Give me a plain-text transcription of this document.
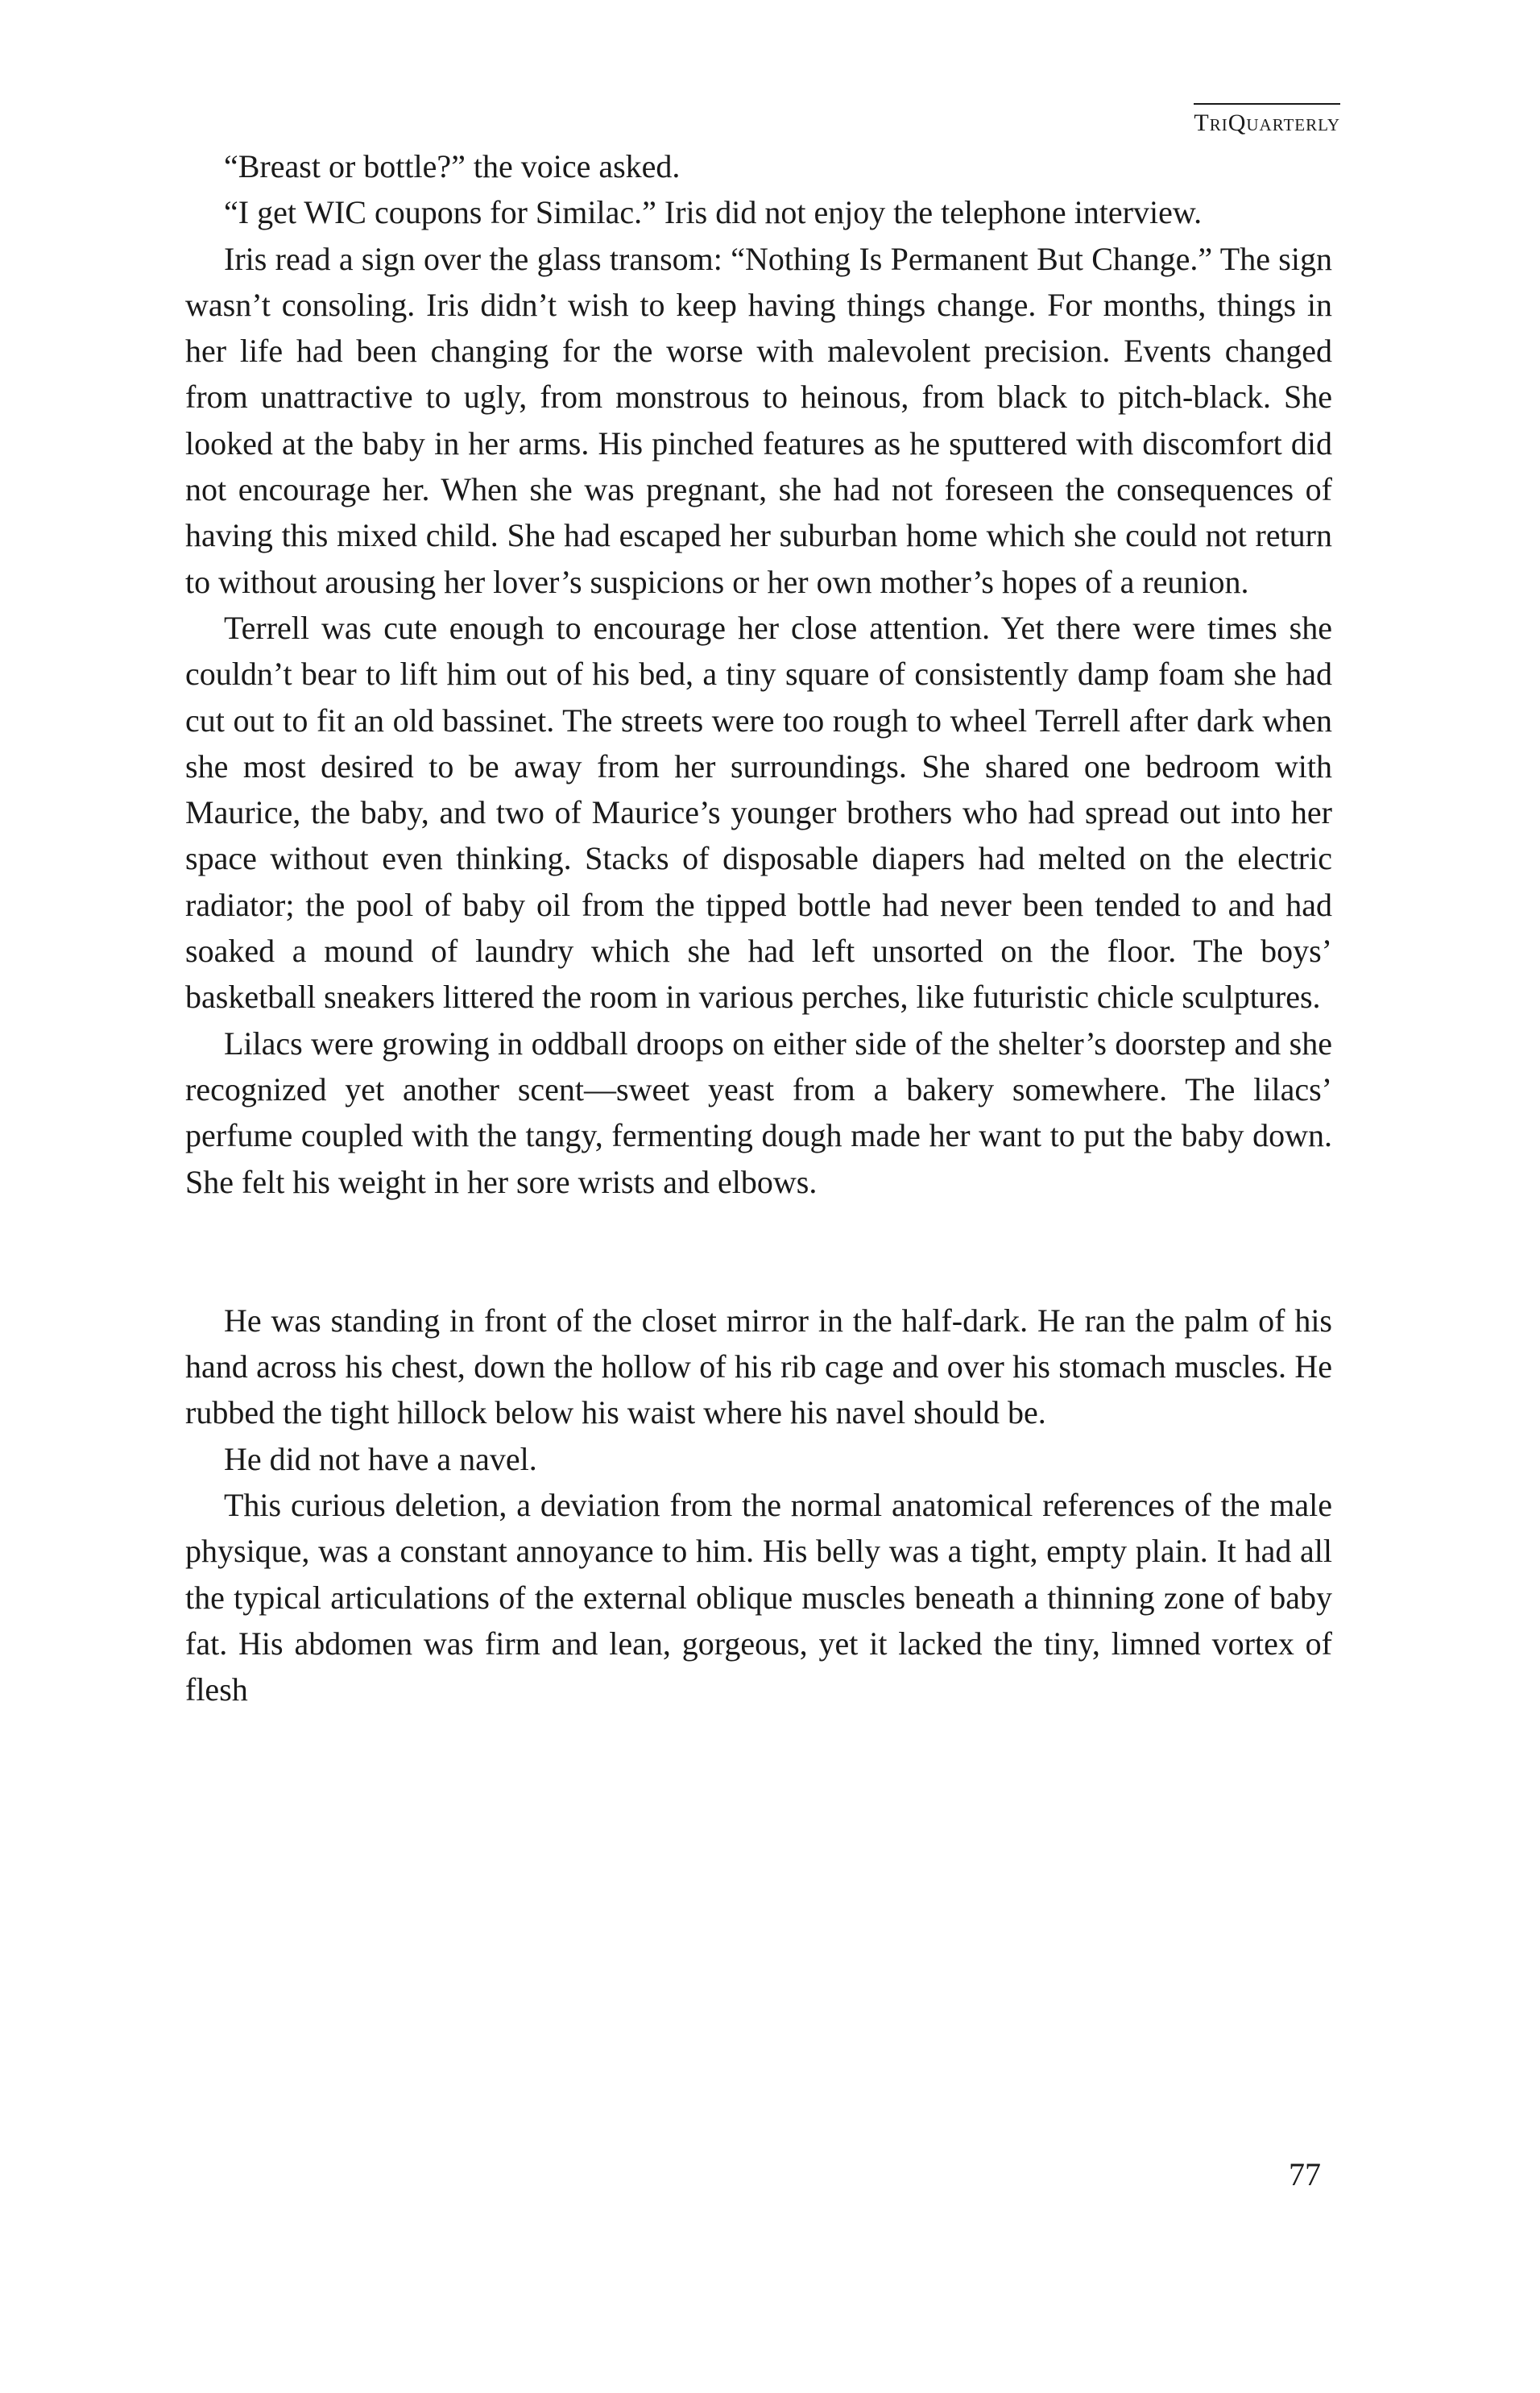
TriQuarterly

“Breast or bottle?” the voice asked.

“I get WIC coupons for Similac.” Iris did not enjoy the telephone interview.

Iris read a sign over the glass transom: “Nothing Is Permanent But Change.” The sign wasn’t consoling. Iris didn’t wish to keep having things change. For months, things in her life had been changing for the worse with malevolent precision. Events changed from unattractive to ugly, from monstrous to heinous, from black to pitch-black. She looked at the baby in her arms. His pinched features as he sputtered with discomfort did not encourage her. When she was pregnant, she had not foreseen the consequences of having this mixed child. She had escaped her suburban home which she could not return to without arousing her lover’s suspicions or her own mother’s hopes of a reunion.

Terrell was cute enough to encourage her close attention. Yet there were times she couldn’t bear to lift him out of his bed, a tiny square of consistently damp foam she had cut out to fit an old bassinet. The streets were too rough to wheel Terrell after dark when she most desired to be away from her surroundings. She shared one bedroom with Maurice, the baby, and two of Maurice’s younger brothers who had spread out into her space without even thinking. Stacks of disposable diapers had melted on the electric radiator; the pool of baby oil from the tipped bottle had never been tended to and had soaked a mound of laundry which she had left unsorted on the floor. The boys’ basketball sneakers littered the room in various perches, like futuristic chicle sculptures.

Lilacs were growing in oddball droops on either side of the shelter’s doorstep and she recognized yet another scent—sweet yeast from a bakery somewhere. The lilacs’ perfume coupled with the tangy, fermenting dough made her want to put the baby down. She felt his weight in her sore wrists and elbows.

He was standing in front of the closet mirror in the half-dark. He ran the palm of his hand across his chest, down the hollow of his rib cage and over his stomach muscles. He rubbed the tight hillock below his waist where his navel should be.

He did not have a navel.

This curious deletion, a deviation from the normal anatomical references of the male physique, was a constant annoyance to him. His belly was a tight, empty plain. It had all the typical articulations of the external oblique muscles beneath a thinning zone of baby fat. His abdomen was firm and lean, gorgeous, yet it lacked the tiny, limned vortex of flesh

77
